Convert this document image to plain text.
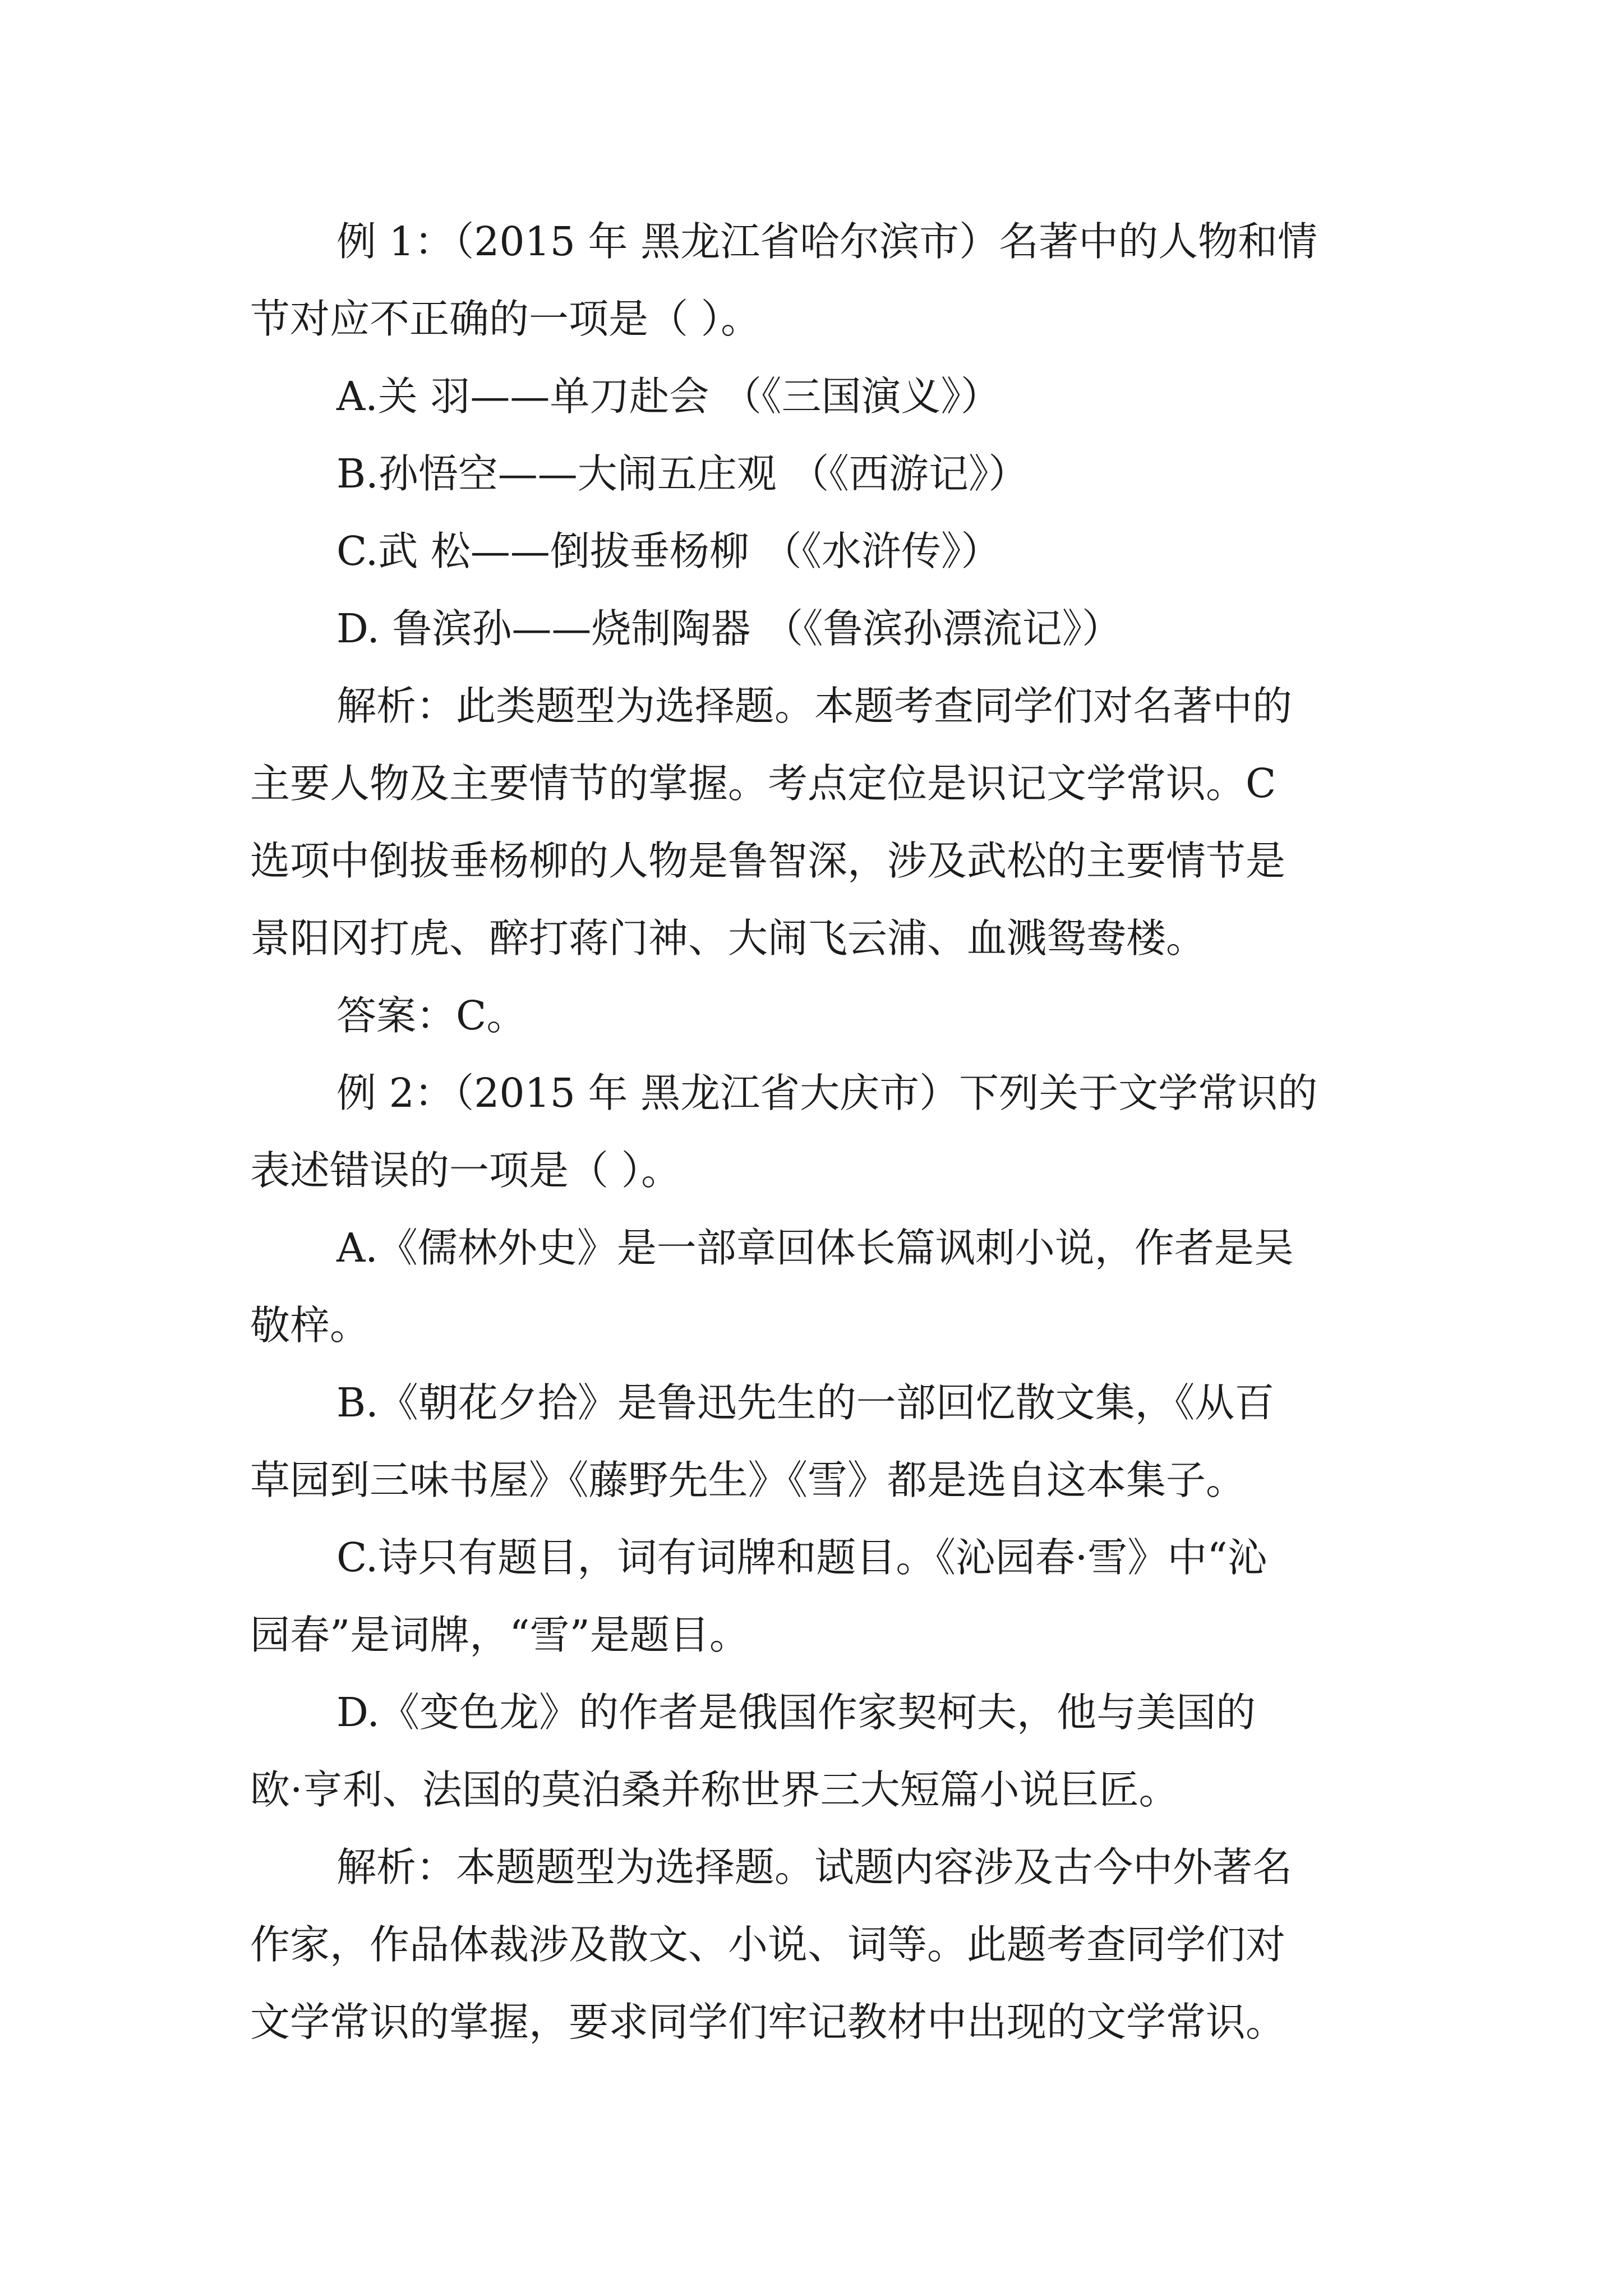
例 1：（2015 年 黑龙江省哈尔滨市）名著中的人物和情

节对应不正确的一项是（ ）。

A.关 羽——单刀赴会 （《三国演义》）

B.孙悟空——大闹五庄观 （《西游记》）

C.武 松——倒拔垂杨柳 （《水浒传》）

D. 鲁滨孙——烧制陶器 （《鲁滨孙漂流记》）

解析：此类题型为选择题。本题考查同学们对名著中的

主要人物及主要情节的掌握。考点定位是识记文学常识。C

选项中倒拔垂杨柳的人物是鲁智深，涉及武松的主要情节是

景阳冈打虎、醉打蒋门神、大闹飞云浦、血溅鸳鸯楼。

答案：C。

例 2：（2015 年 黑龙江省大庆市）下列关于文学常识的

表述错误的一项是（ ）。

A.《儒林外史》是一部章回体长篇讽刺小说，作者是吴

敬梓。

B.《朝花夕拾》是鲁迅先生的一部回忆散文集，《从百

草园到三味书屋》《藤野先生》《雪》都是选自这本集子。

C.诗只有题目，词有词牌和题目。《沁园春·雪》中“沁

园春”是词牌，“雪”是题目。

D.《变色龙》的作者是俄国作家契柯夫，他与美国的

欧·亨利、法国的莫泊桑并称世界三大短篇小说巨匠。

解析：本题题型为选择题。试题内容涉及古今中外著名

作家，作品体裁涉及散文、小说、词等。此题考查同学们对

文学常识的掌握，要求同学们牢记教材中出现的文学常识。
